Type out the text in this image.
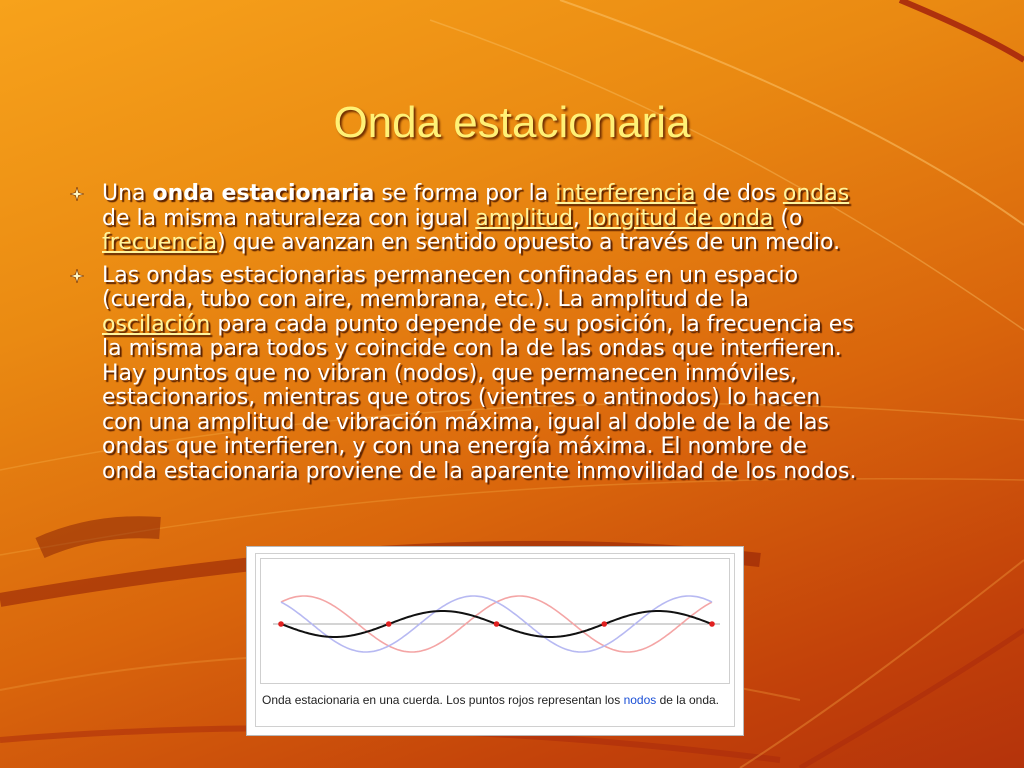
Onda estacionaria
Una onda estacionaria se forma por la interferencia de dos ondas de la misma naturaleza con igual amplitud, longitud de onda (o frecuencia) que avanzan en sentido opuesto a través de un medio.
Las ondas estacionarias permanecen confinadas en un espacio (cuerda, tubo con aire, membrana, etc.). La amplitud de la oscilación para cada punto depende de su posición, la frecuencia es la misma para todos y coincide con la de las ondas que interfieren. Hay puntos que no vibran (nodos), que permanecen inmóviles, estacionarios, mientras que otros (vientres o antinodos) lo hacen con una amplitud de vibración máxima, igual al doble de la de las ondas que interfieren, y con una energía máxima. El nombre de onda estacionaria proviene de la aparente inmovilidad de los nodos.
Onda estacionaria en una cuerda. Los puntos rojos representan los nodos de la onda.
